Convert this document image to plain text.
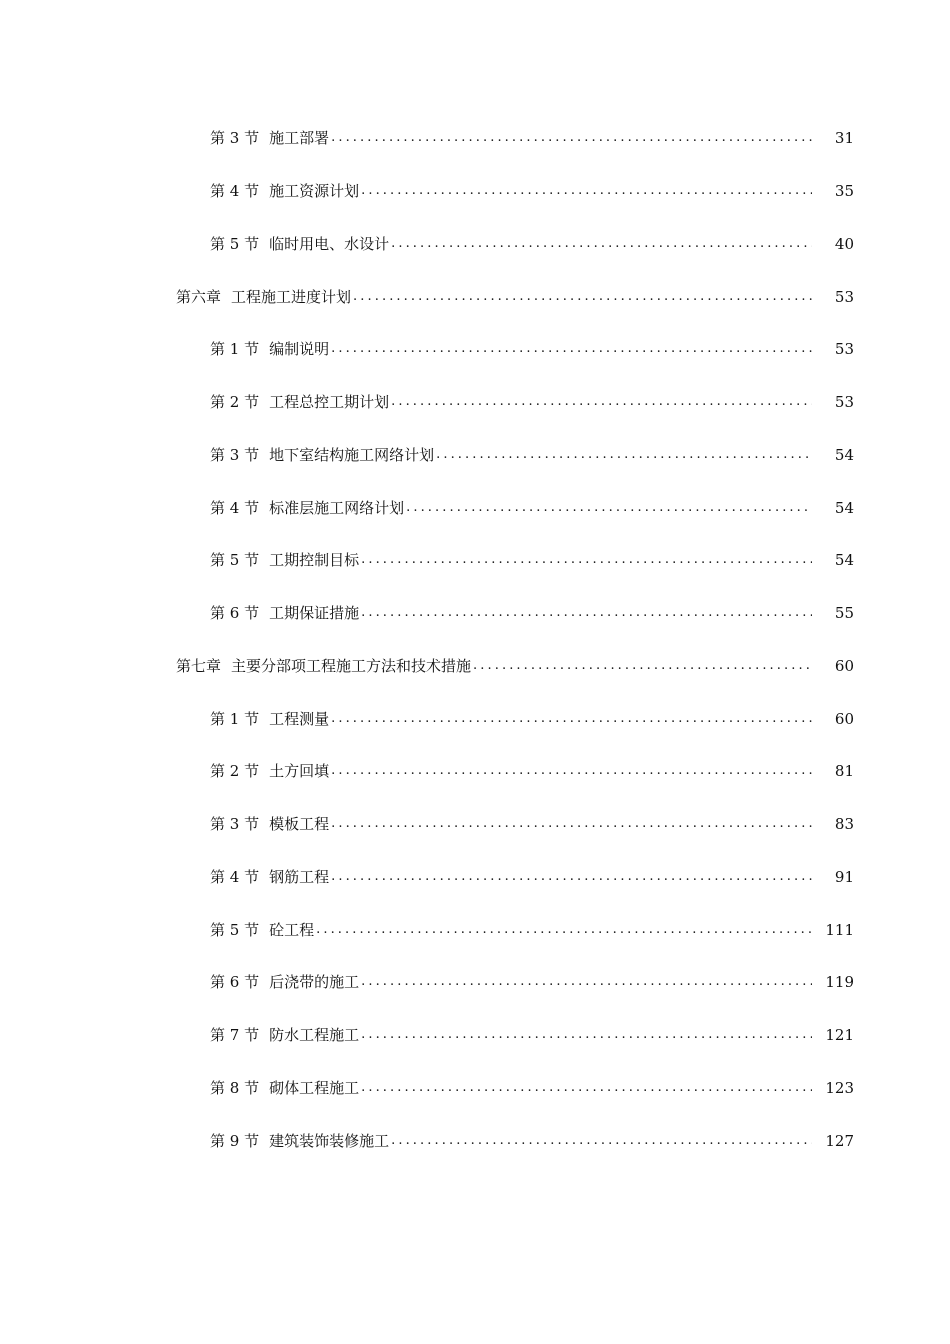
第 3 节 施工部署 .....	31
第 4 节 施工资源计划 .....	35
第 5 节 临时用电、水设计 .....	40
第六章 工程施工进度计划 .....	53
第 1 节 编制说明 .....	53
第 2 节 工程总控工期计划 .....	53
第 3 节 地下室结构施工网络计划 .....	54
第 4 节 标准层施工网络计划 .....	54
第 5 节 工期控制目标 .....	54
第 6 节 工期保证措施 .....	55
第七章 主要分部项工程施工方法和技术措施 .....	60
第 1 节 工程测量 .....	60
第 2 节 土方回填 .....	81
第 3 节 模板工程 .....	83
第 4 节 钢筋工程 .....	91
第 5 节 砼工程 .....	111
第 6 节 后浇带的施工 .....	119
第 7 节 防水工程施工 .....	121
第 8 节 砌体工程施工 .....	123
第 9 节 建筑装饰装修施工 .....	127
